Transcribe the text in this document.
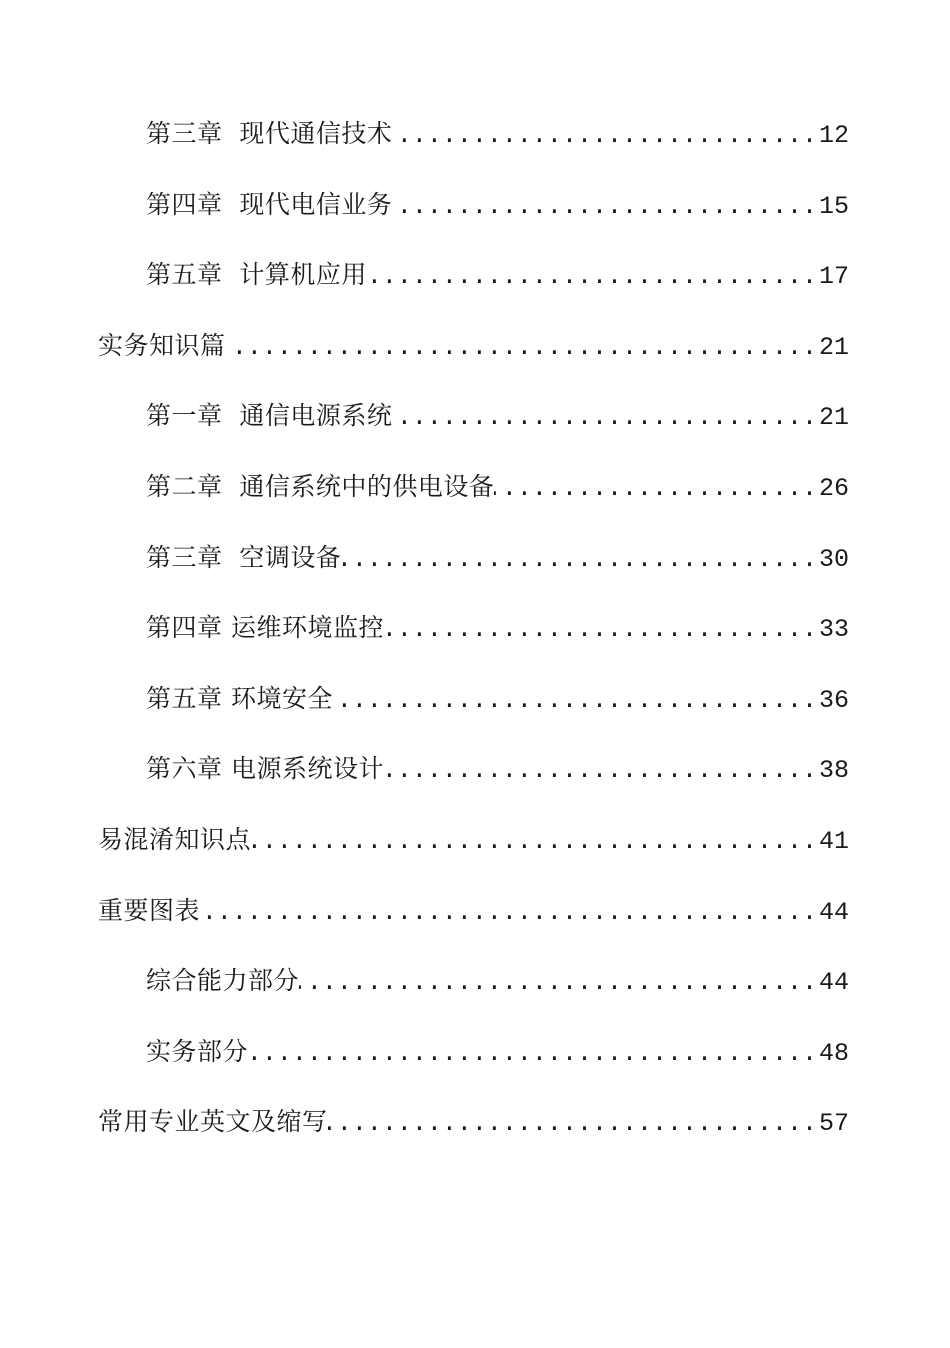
第三章  现代通信技术 .....	12
第四章  现代电信业务 .....	15
第五章  计算机应用 .....	17
实务知识篇 .....	21
第一章  通信电源系统 .....	21
第二章  通信系统中的供电设备 .....	26
第三章  空调设备 .....	30
第四章 运维环境监控 .....	33
第五章 环境安全 .....	36
第六章 电源系统设计 .....	38
易混淆知识点 .....	41
重要图表 .....	44
综合能力部分 .....	44
实务部分 .....	48
常用专业英文及缩写 .....	57
